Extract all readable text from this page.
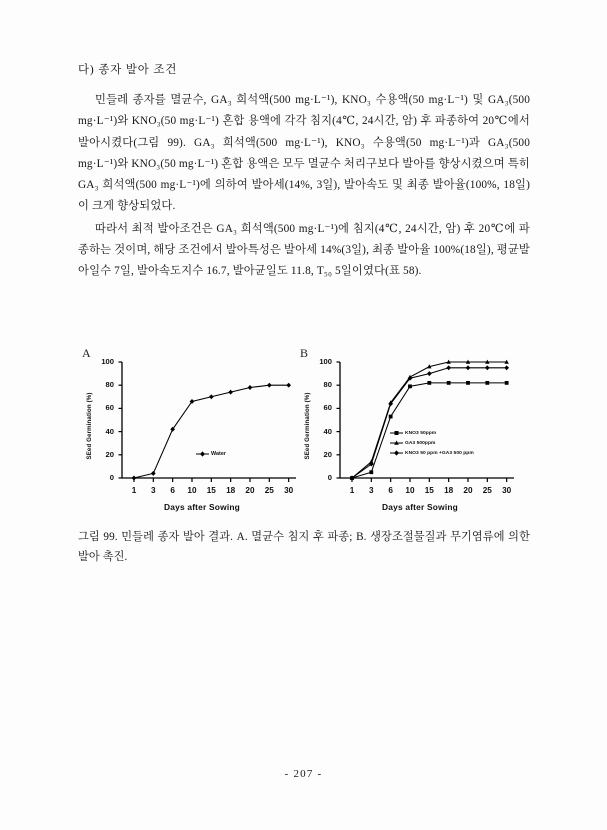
다) 종자 발아 조건

민들레 종자를 멸균수, GA₃ 희석액(500 mg·L⁻¹), KNO₃ 수용액(50 mg·L⁻¹) 및 GA₃(500 mg·L⁻¹)와 KNO₃(50 mg·L⁻¹) 혼합 용액에 각각 침지(4℃, 24시간, 암) 후 파종하여 20℃에서 발아시켰다(그림 99). GA₃ 희석액(500 mg·L⁻¹), KNO₃ 수용액(50 mg·L⁻¹)과 GA₃(500 mg·L⁻¹)와 KNO₃(50 mg·L⁻¹) 혼합 용액은 모두 멸균수 처리구보다 발아를 향상시켰으며 특히 GA₃ 희석액(500 mg·L⁻¹)에 의하여 발아세(14%, 3일), 발아속도 및 최종 발아율(100%, 18일)이 크게 향상되었다.

따라서 최적 발아조건은 GA₃ 희석액(500 mg·L⁻¹)에 침지(4℃, 24시간, 암) 후 20℃에 파종하는 것이며, 해당 조건에서 발아특성은 발아세 14%(3일), 최종 발아율 100%(18일), 평균발아일수 7일, 발아속도지수 16.7, 발아균일도 11.8, T₅₀ 5일이였다(표 58).

A
SEed Germination (%)
Days after Sowing
Water
0
20
40
60
80
100
1	3	6	10	15	18	20	25	30
B
SEed Germination (%)
Days after Sowing
KNO3 50ppm
GA3 500ppm
KNO3 50 ppm +GA3 500 ppm
0
20
40
60
80
100
1	3	6	10	15	18	20	25	30
그림 99. 민들레 종자 발아 결과. A. 멸균수 침지 후 파종; B. 생장조절물질과 무기염류에 의한 발아 촉진.
- 207 -
